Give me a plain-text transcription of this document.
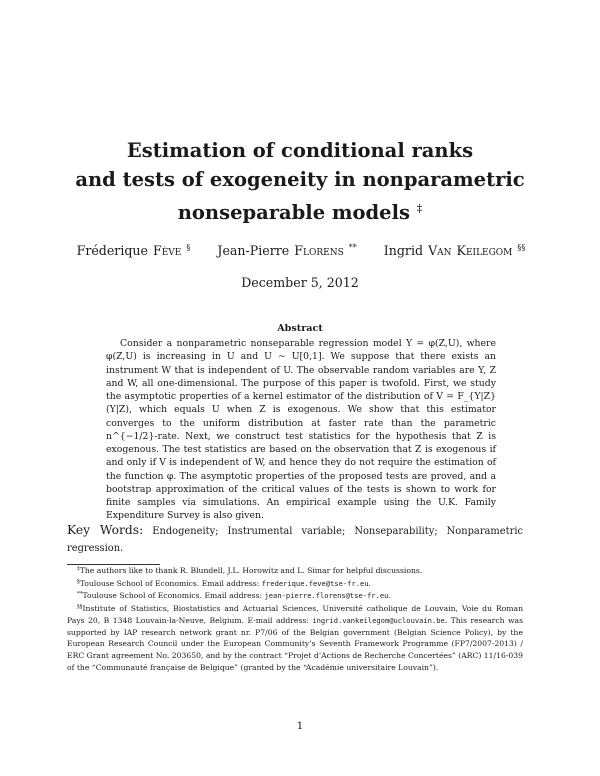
Estimation of conditional ranks
and tests of exogeneity in nonparametric
nonseparable models ‡
Fréderique Fève § Jean-Pierre Florens ** Ingrid Van Keilegom §§
December 5, 2012
Abstract

Consider a nonparametric nonseparable regression model Y = φ(Z,U), where φ(Z,U) is increasing in U and U ∼ U[0,1]. We suppose that there exists an instrument W that is independent of U. The observable random variables are Y, Z and W, all one-dimensional. The purpose of this paper is twofold. First, we study the asymptotic properties of a kernel estimator of the distribution of V = F_{Y|Z}(Y|Z), which equals U when Z is exogenous. We show that this estimator converges to the uniform distribution at faster rate than the parametric n^{−1/2}-rate. Next, we construct test statistics for the hypothesis that Z is exogenous. The test statistics are based on the observation that Z is exogenous if and only if V is independent of W, and hence they do not require the estimation of the function φ. The asymptotic properties of the proposed tests are proved, and a bootstrap approximation of the critical values of the tests is shown to work for finite samples via simulations. An empirical example using the U.K. Family Expenditure Survey is also given.

Key Words: Endogeneity; Instrumental variable; Nonseparability; Nonparametric regression.

‡The authors like to thank R. Blundell, J.L. Horowitz and L. Simar for helpful discussions.

§Toulouse School of Economics. Email address: frederique.feve@tse-fr.eu.

**Toulouse School of Economics. Email address: jean-pierre.florens@tse-fr.eu.

§§Institute of Statistics, Biostatistics and Actuarial Sciences, Université catholique de Louvain, Voie du Roman Pays 20, B 1348 Louvain-la-Neuve, Belgium. E-mail address: ingrid.vankeilegom@uclouvain.be. This research was supported by IAP research network grant nr. P7/06 of the Belgian government (Belgian Science Policy), by the European Research Council under the European Community’s Seventh Framework Programme (FP7/2007-2013) / ERC Grant agreement No. 203650, and by the contract “Projet d’Actions de Recherche Concertées” (ARC) 11/16-039 of the “Communauté française de Belgique” (granted by the “Académie universitaire Louvain”).

1
